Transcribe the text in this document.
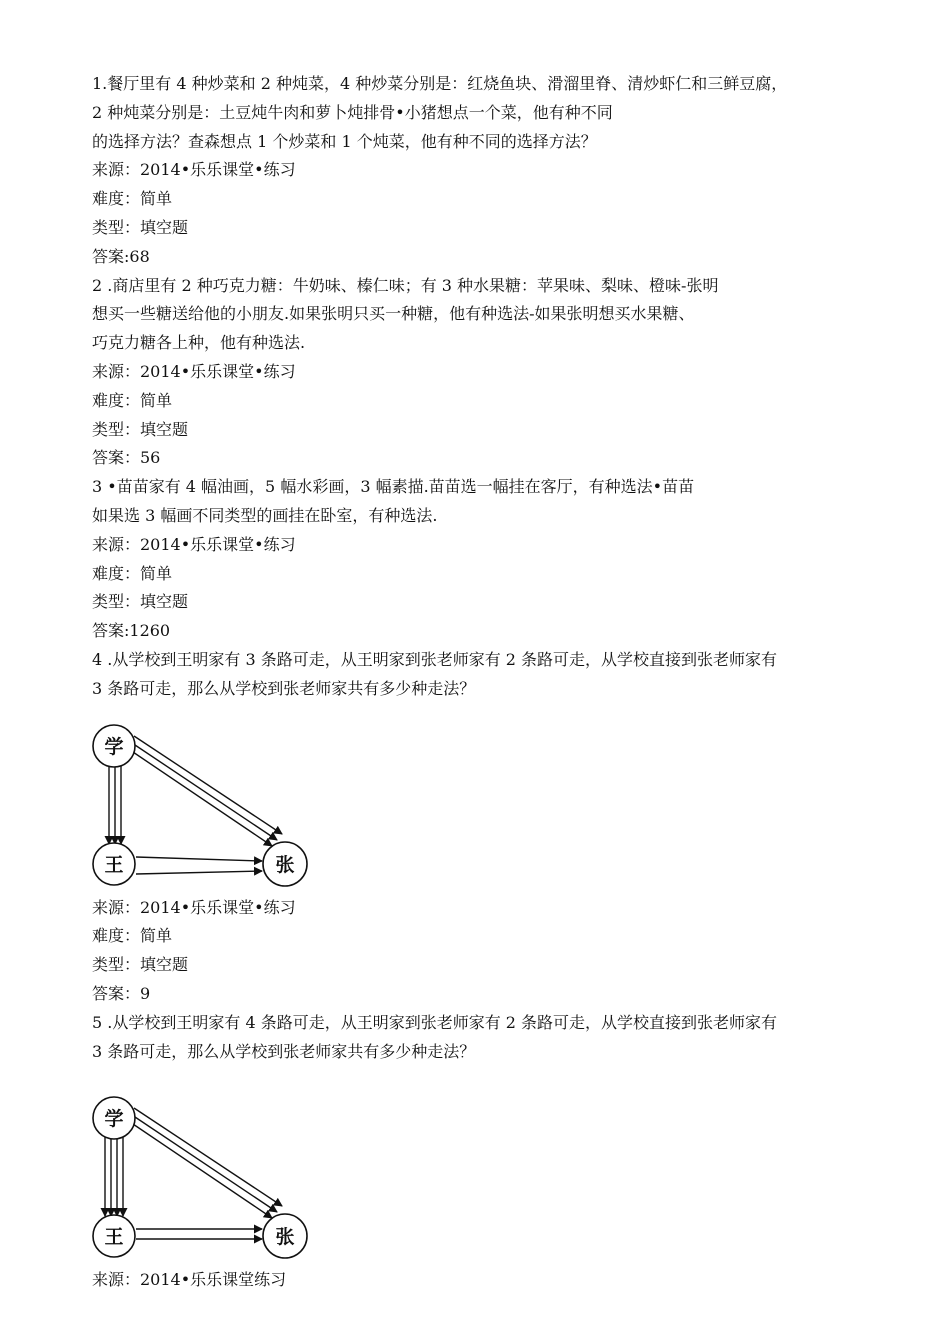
1.餐厅里有 4 种炒菜和 2 种炖菜，4 种炒菜分别是：红烧鱼块、滑溜里脊、清炒虾仁和三鲜豆腐，
2 种炖菜分别是：土豆炖牛肉和萝卜炖排骨•小猪想点一个菜，他有种不同
的选择方法？查森想点 1 个炒菜和 1 个炖菜，他有种不同的选择方法？
来源：2014•乐乐课堂•练习
难度：简单
类型：填空题
答案:68
2 .商店里有 2 种巧克力糖：牛奶味、榛仁味；有 3 种水果糖：苹果味、梨味、橙味-张明
想买一些糖送给他的小朋友.如果张明只买一种糖，他有种选法-如果张明想买水果糖、
巧克力糖各上种，他有种选法.
来源：2014•乐乐课堂•练习
难度：简单
类型：填空题
答案：56
3 •苗苗家有 4 幅油画，5 幅水彩画，3 幅素描.苗苗选一幅挂在客厅，有种选法•苗苗
如果选 3 幅画不同类型的画挂在卧室，有种选法.
来源：2014•乐乐课堂•练习
难度：简单
类型：填空题
答案:1260
4 .从学校到王明家有 3 条路可走，从王明家到张老师家有 2 条路可走，从学校直接到张老师家有
3 条路可走，那么从学校到张老师家共有多少种走法？
学
王	张
来源：2014•乐乐课堂•练习
难度：简单
类型：填空题
答案：9
5 .从学校到王明家有 4 条路可走，从王明家到张老师家有 2 条路可走，从学校直接到张老师家有
3 条路可走，那么从学校到张老师家共有多少种走法？
学
王	张
来源：2014•乐乐课堂练习
